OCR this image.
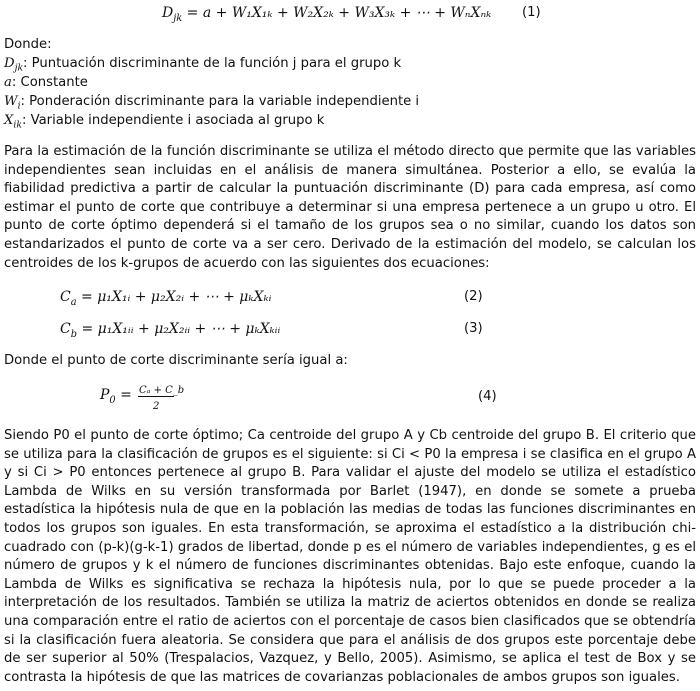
$D_{jk} = a + W_1X_{1k} + W_2X_{2k} + W_3X_{3k}$ + ⋯ + WₙXₙₖ (1)
Donde:
$D_{jk}$: Puntuación discriminante de la función j para el grupo k
a: Constante
$W_i$: Ponderación discriminante para la variable independiente i
$X_{ik}$: Variable independiente i asociada al grupo k
Para la estimación de la función discriminante se utiliza el método directo que permite que las variables independientes sean incluidas en el análisis de manera simultánea. Posterior a ello, se evalúa la fiabilidad predictiva a partir de calcular la puntuación discriminante (D) para cada empresa, así como estimar el punto de corte que contribuye a determinar si una empresa pertenece a un grupo u otro. El punto de corte óptimo dependerá si el tamaño de los grupos sea o no similar, cuando los datos son estandarizados el punto de corte va a ser cero. Derivado de la estimación del modelo, se calculan los centroides de los k-grupos de acuerdo con las siguientes dos ecuaciones:
$C_a$ = μ₁X₁ᵢ + μ₂X₂ᵢ + ⋯ + μₖXₖᵢ	(2)
$C_b$ = μ₁X₁ᵢᵢ + μ₂X₂ᵢᵢ + ⋯ + μₖXₖᵢᵢ	(3)
Donde el punto de corte discriminante sería igual a:
$P_0 = C_a$ + C_b
2
(4)
Siendo P0 el punto de corte óptimo; Ca centroide del grupo A y Cb centroide del grupo B. El criterio que se utiliza para la clasificación de grupos es el siguiente: si Ci < P0 la empresa i se clasifica en el grupo A y si Ci > P0 entonces pertenece al grupo B. Para validar el ajuste del modelo se utiliza el estadístico Lambda de Wilks en su versión transformada por Barlet (1947), en donde se somete a prueba estadística la hipótesis nula de que en la población las medias de todas las funciones discriminantes en todos los grupos son iguales. En esta transformación, se aproxima el estadístico a la distribución chi-cuadrado con (p-k)(g-k-1) grados de libertad, donde p es el número de variables independientes, g es el número de grupos y k el número de funciones discriminantes obtenidas. Bajo este enfoque, cuando la Lambda de Wilks es significativa se rechaza la hipótesis nula, por lo que se puede proceder a la interpretación de los resultados. También se utiliza la matriz de aciertos obtenidos en donde se realiza una comparación entre el ratio de aciertos con el porcentaje de casos bien clasificados que se obtendría si la clasificación fuera aleatoria. Se considera que para el análisis de dos grupos este porcentaje debe de ser superior al 50% (Trespalacios, Vazquez, y Bello, 2005). Asimismo, se aplica el test de Box y se contrasta la hipótesis de que las matrices de covarianzas poblacionales de ambos grupos son iguales.
